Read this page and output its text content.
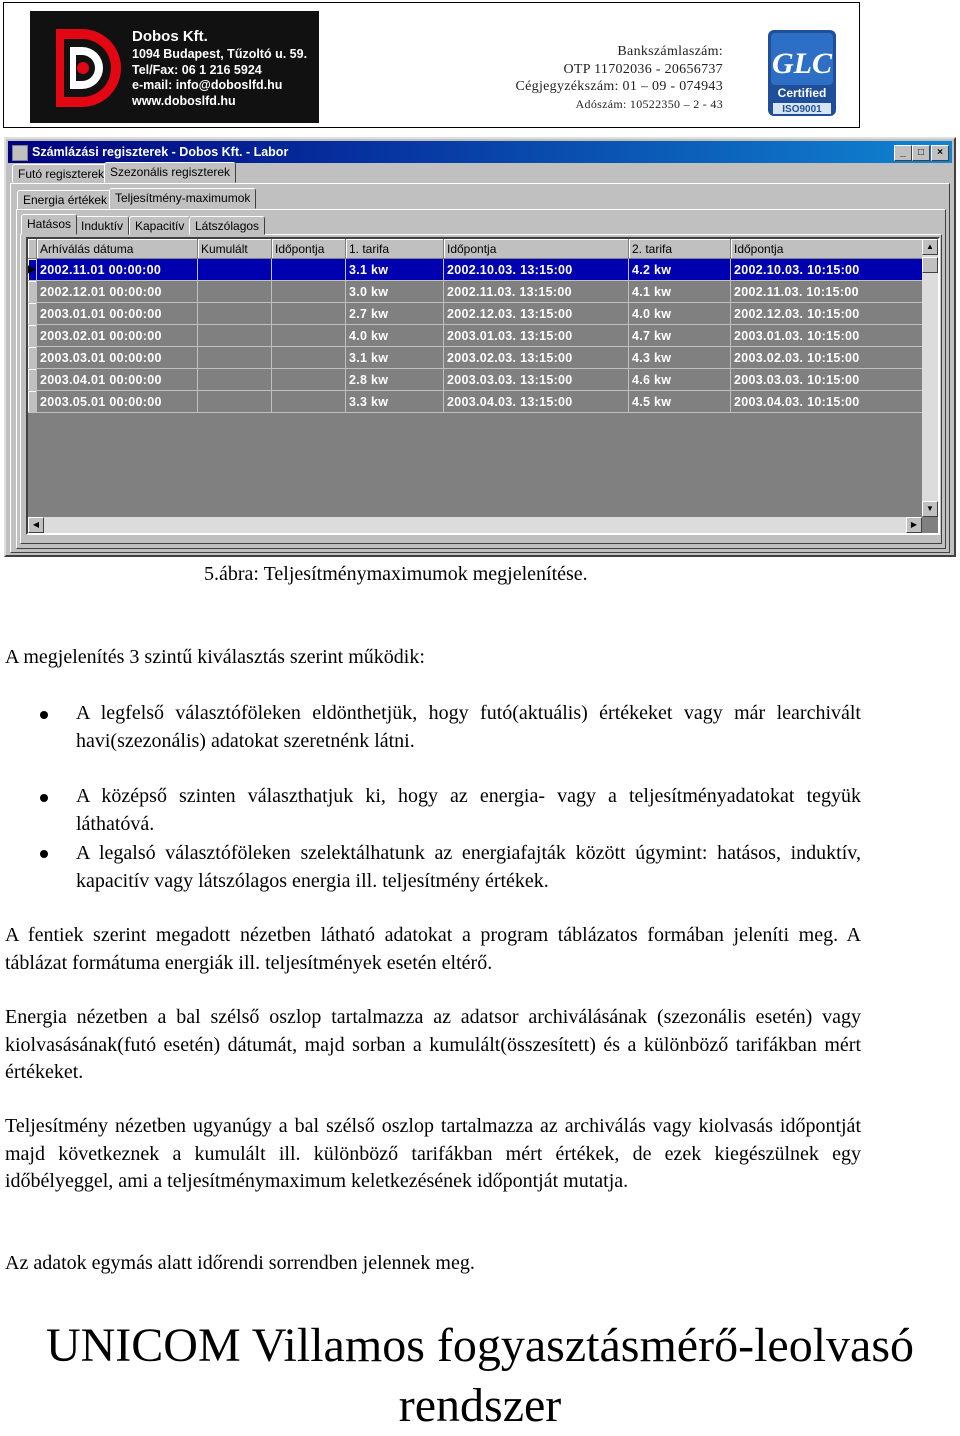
Dobos Kft.
1094 Budapest, Tűzoltó u. 59.
Tel/Fax: 06 1 216 5924
e-mail: info@doboslfd.hu
www.doboslfd.hu
Bankszámlaszám:
OTP 11702036 - 20656737
Cégjegyzékszám: 01 – 09 - 074943
Adószám: 10522350 – 2 - 43
GLC
Certified
ISO9001
Számlázási regiszterek - Dobos Kft. - Labor	_	□	×
Futó regiszterek Szezonális regiszterek
Energia értékek Teljesítmény-maximumok
Hatásos Induktív Kapacitív Látszólagos
	Arhíválás dátuma	Kumulált	Időpontja	1. tarifa	Időpontja	2. tarifa	Időpontja
▶	2002.11.01 00:00:00			3.1 kw	2002.10.03. 13:15:00	4.2 kw	2002.10.03. 10:15:00
	2002.12.01 00:00:00			3.0 kw	2002.11.03. 13:15:00	4.1 kw	2002.11.03. 10:15:00
	2003.01.01 00:00:00			2.7 kw	2002.12.03. 13:15:00	4.0 kw	2002.12.03. 10:15:00
	2003.02.01 00:00:00			4.0 kw	2003.01.03. 13:15:00	4.7 kw	2003.01.03. 10:15:00
	2003.03.01 00:00:00			3.1 kw	2003.02.03. 13:15:00	4.3 kw	2003.02.03. 10:15:00
	2003.04.01 00:00:00			2.8 kw	2003.03.03. 13:15:00	4.6 kw	2003.03.03. 10:15:00
	2003.05.01 00:00:00			3.3 kw	2003.04.03. 13:15:00	4.5 kw	2003.04.03. 10:15:00
▲
▼
◀	▶
5.ábra: Teljesítménymaximumok megjelenítése.
A megjelenítés 3 szintű kiválasztás szerint működik:
A legfelső választóföleken eldönthetjük, hogy futó(aktuális) értékeket vagy már learchivált havi(szezonális) adatokat szeretnénk látni.
A középső szinten választhatjuk ki, hogy az energia- vagy a teljesítményadatokat tegyük láthatóvá.
A legalsó választóföleken szelektálhatunk az energiafajták között úgymint: hatásos, induktív, kapacitív vagy látszólagos energia ill. teljesítmény értékek.
A fentiek szerint megadott nézetben látható adatokat a program táblázatos formában jeleníti meg. A táblázat formátuma energiák ill. teljesítmények esetén eltérő.
Energia nézetben a bal szélső oszlop tartalmazza az adatsor archiválásának (szezonális esetén) vagy kiolvasásának(futó esetén) dátumát, majd sorban a kumulált(összesített) és a különböző tarifákban mért értékeket.
Teljesítmény nézetben ugyanúgy a bal szélső oszlop tartalmazza az archiválás vagy kiolvasás időpontját majd következnek a kumulált ill. különböző tarifákban mért értékek, de ezek kiegészülnek egy időbélyeggel, ami a teljesítménymaximum keletkezésének időpontját mutatja.
Az adatok egymás alatt időrendi sorrendben jelennek meg.
UNICOM Villamos fogyasztásmérő-leolvasó rendszer
